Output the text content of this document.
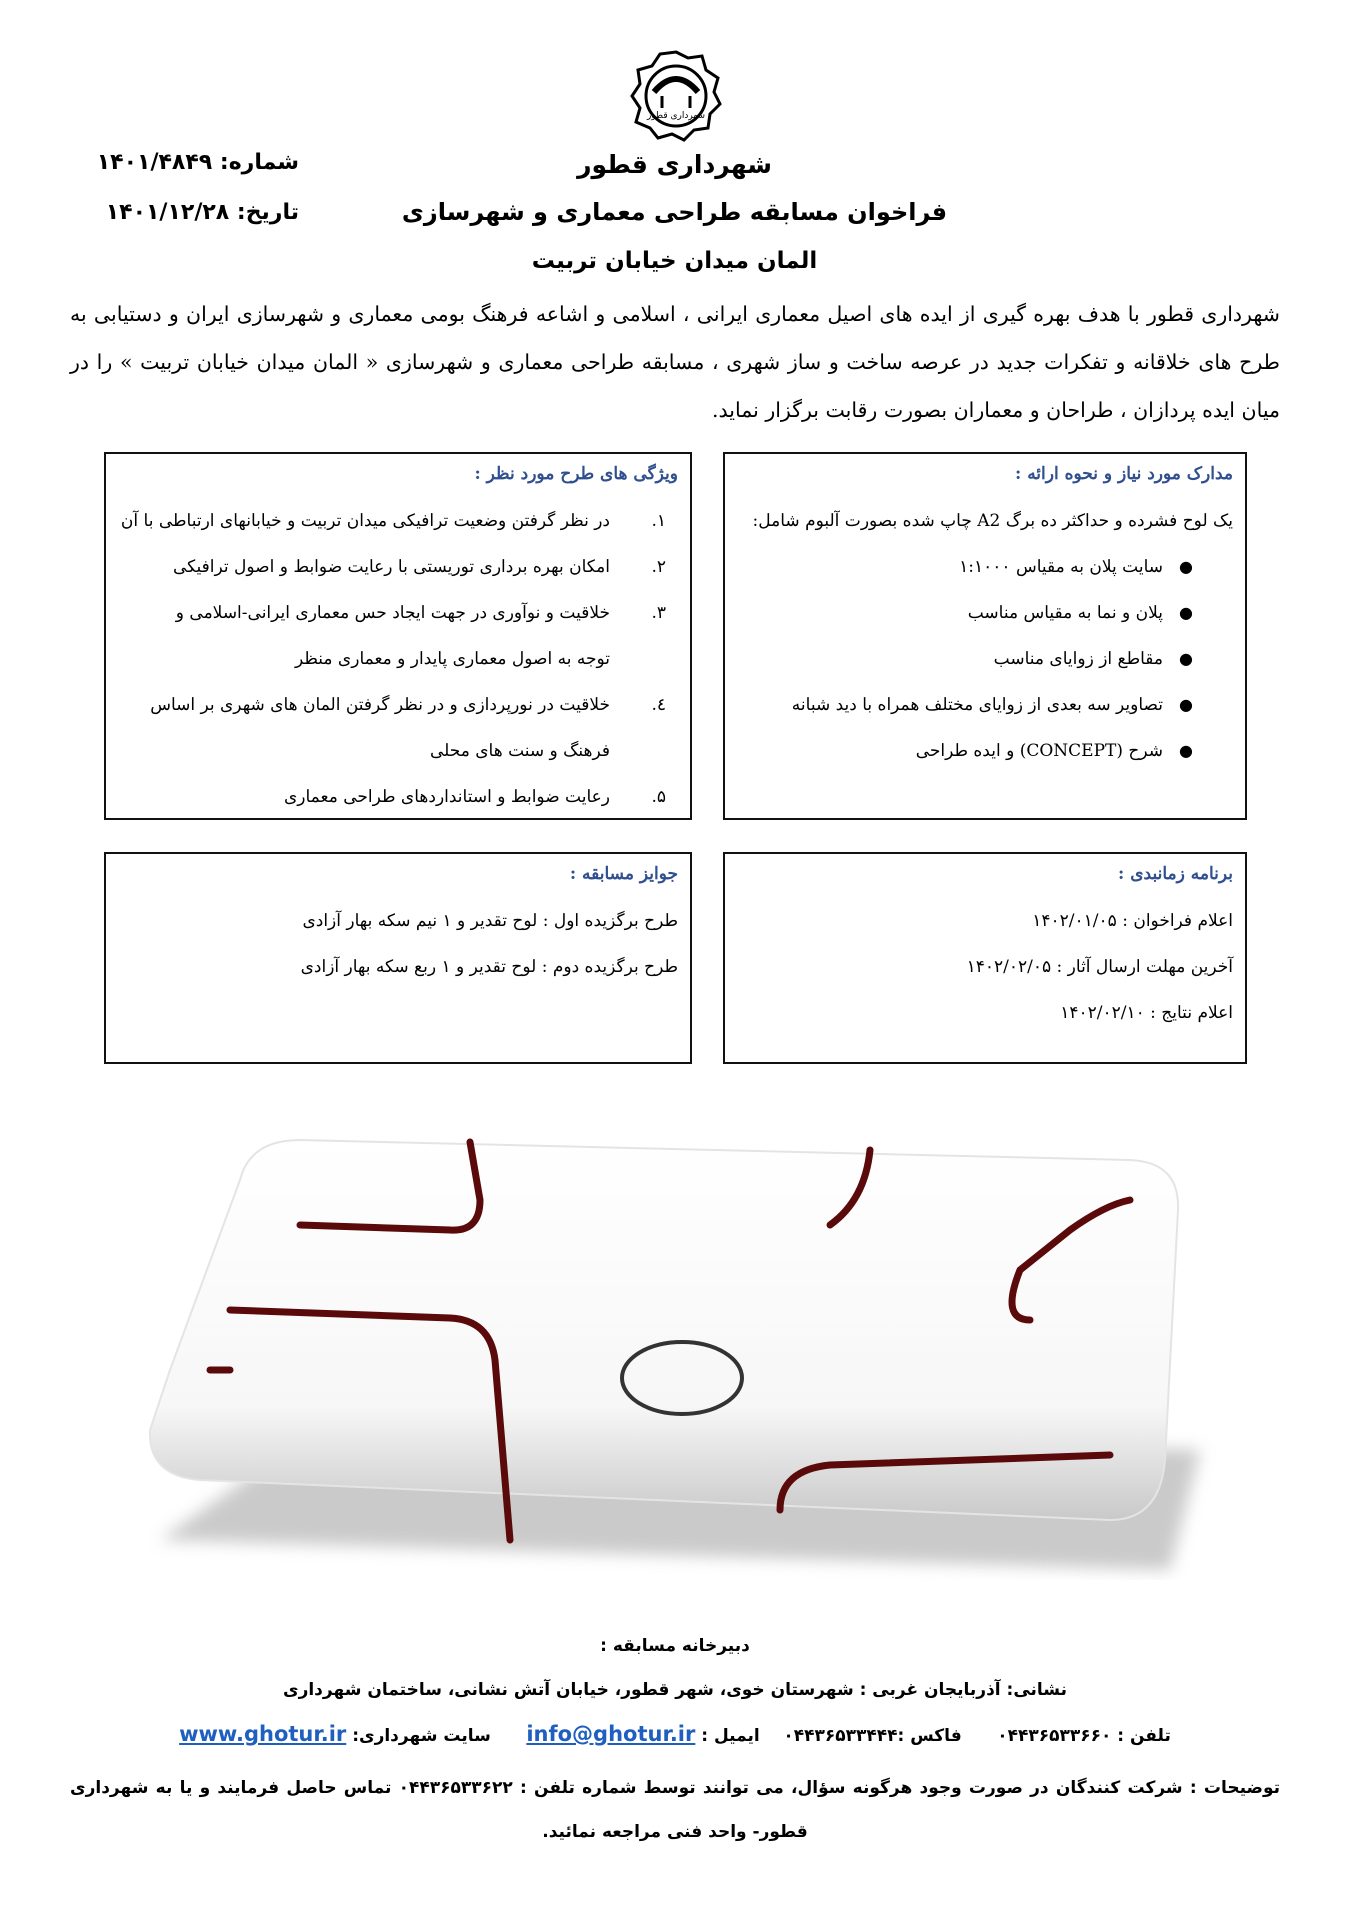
شهرداری قطور
شهرداری قطور
فراخوان مسابقه طراحی معماری و شهرسازی
المان میدان خیابان تربیت
شماره: ۱۴۰۱/۴۸۴۹
تاریخ: ۱۴۰۱/۱۲/۲۸
شهرداری قطور با هدف بهره گیری از ایده های اصیل معماری ایرانی ، اسلامی و اشاعه فرهنگ بومی معماری و شهرسازی ایران و دستیابی به طرح های خلاقانه و تفکرات جدید در عرصه ساخت و ساز شهری ، مسابقه طراحی معماری و شهرسازی « المان میدان خیابان تربیت » را در میان ایده پردازان ، طراحان و معماران بصورت رقابت برگزار نماید.
مدارک مورد نیاز و نحوه ارائه :
یک لوح فشرده و حداکثر ده برگ A2 چاپ شده بصورت آلبوم شامل:
●
سایت پلان به مقیاس ۱:۱۰۰۰
●
پلان و نما به مقیاس مناسب
●
مقاطع از زوایای مناسب
●
تصاویر سه بعدی از زوایای مختلف همراه با دید شبانه
●
شرح (CONCEPT) و ایده طراحی
ویژگی های طرح مورد نظر :
۱.
در نظر گرفتن وضعیت ترافیکی میدان تربیت و خیابانهای ارتباطی با آن
۲.
امکان بهره برداری توریستی با رعایت ضوابط و اصول ترافیکی
۳.
خلاقیت و نوآوری در جهت ایجاد حس معماری ایرانی-اسلامی و
توجه به اصول معماری پایدار و معماری منظر
٤.
خلاقیت در نورپردازی و در نظر گرفتن المان های شهری بر اساس
فرهنگ و سنت های محلی
۵.
رعایت ضوابط و استانداردهای طراحی معماری
برنامه زمانبدی :
اعلام فراخوان : ۱۴۰۲/۰۱/۰۵
آخرین مهلت ارسال آثار : ۱۴۰۲/۰۲/۰۵
اعلام نتایج : ۱۴۰۲/۰۲/۱۰
جوایز مسابقه :
طرح برگزیده اول : لوح تقدیر و ۱ نیم سکه بهار آزادی
طرح برگزیده دوم : لوح تقدیر و ۱ ربع سکه بهار آزادی
دبیرخانه مسابقه :
نشانی: آذربایجان غربی : شهرستان خوی، شهر قطور، خیابان آتش نشانی، ساختمان شهرداری
تلفن : ۰۴۴۳۶۵۳۳۶۶۰      فاکس :۰۴۴۳۶۵۳۳۴۴۴    ایمیل : info@ghotur.ir      سایت شهرداری: www.ghotur.ir
توضیحات : شرکت کنندگان در صورت وجود هرگونه سؤال، می توانند توسط شماره تلفن : ۰۴۴۳۶۵۳۳۶۲۲ تماس حاصل فرمایند و یا به شهرداری قطور- واحد فنی مراجعه نمائید.
